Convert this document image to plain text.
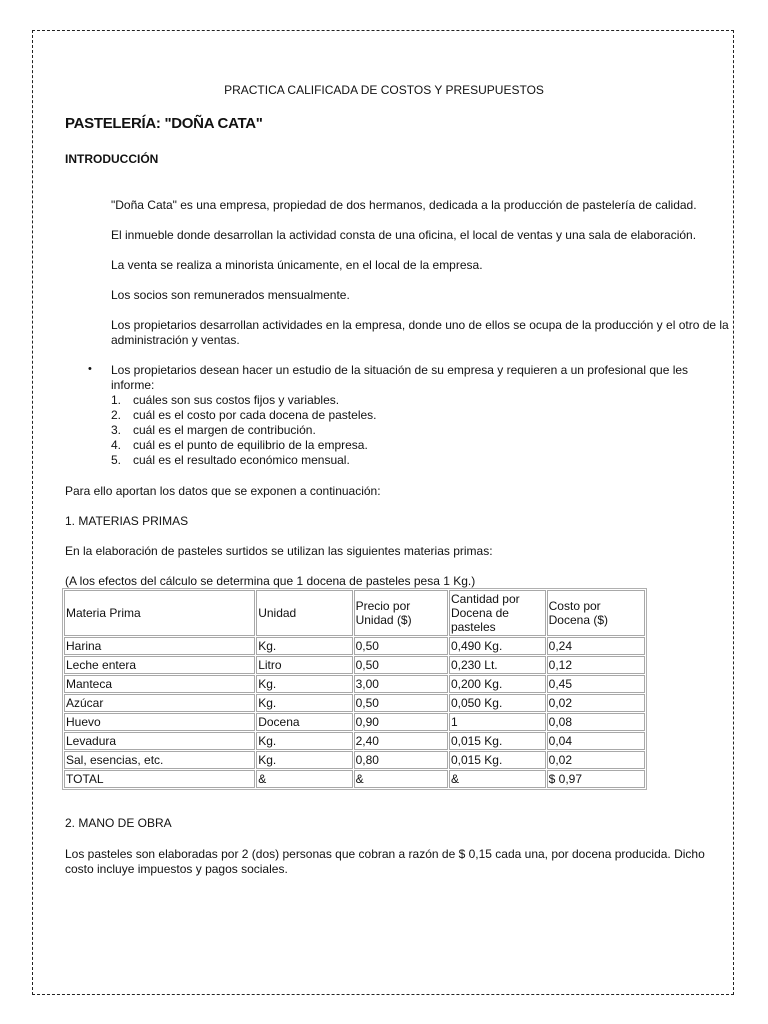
PRACTICA CALIFICADA DE COSTOS Y PRESUPUESTOS

PASTELERÍA: "DOÑA CATA"

INTRODUCCIÓN

"Doña Cata" es una empresa, propiedad de dos hermanos, dedicada a la producción de pastelería de calidad.

El inmueble donde desarrollan la actividad consta de una oficina, el local de ventas y una sala de elaboración.

La venta se realiza a minorista únicamente, en el local de la empresa.

Los socios son remunerados mensualmente.

Los propietarios desarrollan actividades en la empresa, donde uno de ellos se ocupa de la producción y el otro de la administración y ventas.

• Los propietarios desean hacer un estudio de la situación de su empresa y requieren a un profesional que les informe:

1. cuáles son sus costos fijos y variables.
2. cuál es el costo por cada docena de pasteles.
3. cuál es el margen de contribución.
4. cuál es el punto de equilibrio de la empresa.
5. cuál es el resultado económico mensual.

Para ello aportan los datos que se exponen a continuación:

1. MATERIAS PRIMAS

En la elaboración de pasteles surtidos se utilizan las siguientes materias primas:

(A los efectos del cálculo se determina que 1 docena de pasteles pesa 1 Kg.)

Materia Prima	Unidad	Precio por Unidad ($)	Cantidad por Docena de pasteles	Costo por Docena ($)
Harina	Kg.	0,50	0,490 Kg.	0,24
Leche entera	Litro	0,50	0,230 Lt.	0,12
Manteca	Kg.	3,00	0,200 Kg.	0,45
Azúcar	Kg.	0,50	0,050 Kg.	0,02
Huevo	Docena	0,90	1	0,08
Levadura	Kg.	2,40	0,015 Kg.	0,04
Sal, esencias, etc.	Kg.	0,80	0,015 Kg.	0,02
TOTAL	&	&	&	$ 0,97

2. MANO DE OBRA

Los pasteles son elaboradas por 2 (dos) personas que cobran a razón de $ 0,15 cada una, por docena producida. Dicho costo incluye impuestos y pagos sociales.
